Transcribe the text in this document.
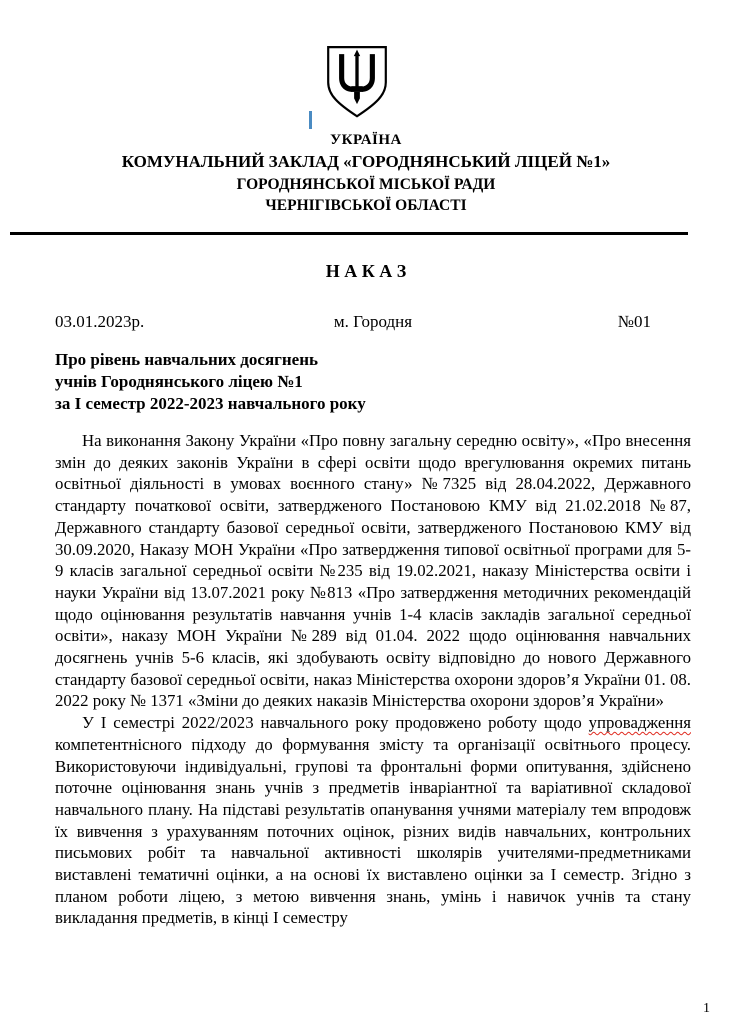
УКРАЇНА
КОМУНАЛЬНИЙ ЗАКЛАД «ГОРОДНЯНСЬКИЙ ЛІЦЕЙ №1»
ГОРОДНЯНСЬКОЇ МІСЬКОЇ РАДИ
ЧЕРНІГІВСЬКОЇ ОБЛАСТІ
Н А К А З
03.01.2023р.	м. Городня	№01
Про рівень навчальних досягнень
учнів Городнянського ліцею №1
за І семестр 2022-2023 навчального року

На виконання Закону України «Про повну загальну середню освіту», «Про внесення змін до деяких законів України в сфері освіти щодо врегулювання окремих питань освітньої діяльності в умовах воєнного стану» №7325 від 28.04.2022, Державного стандарту початкової освіти, затвердженого Постановою КМУ від 21.02.2018 №87, Державного стандарту базової середньої освіти, затвердженого Постановою КМУ від 30.09.2020, Наказу МОН України «Про затвердження типової освітньої програми для 5-9 класів загальної середньої освіти №235 від 19.02.2021, наказу Міністерства освіти і науки України від 13.07.2021 року №813 «Про затвердження методичних рекомендацій щодо оцінювання результатів навчання учнів 1-4 класів закладів загальної середньої освіти», наказу МОН України №289 від 01.04. 2022 щодо оцінювання навчальних досягнень учнів 5-6 класів, які здобувають освіту відповідно до нового Державного стандарту базової середньої освіти, наказ Міністерства охорони здоров’я України 01. 08. 2022 року № 1371 «Зміни до деяких наказів Міністерства охорони здоров’я України»

У І семестрі 2022/2023 навчального року продовжено роботу щодо упровадження компетентнісного підходу до формування змісту та організації освітнього процесу. Використовуючи індивідуальні, групові та фронтальні форми опитування, здійснено поточне оцінювання знань учнів з предметів інваріантної та варіативної складової навчального плану. На підставі результатів опанування учнями матеріалу тем впродовж їх вивчення з урахуванням поточних оцінок, різних видів навчальних, контрольних письмових робіт та навчальної активності школярів учителями-предметниками виставлені тематичні оцінки, а на основі їх виставлено оцінки за І семестр. Згідно з планом роботи ліцею, з метою вивчення знань, умінь і навичок учнів та стану викладання предметів, в кінці І семестру

1
